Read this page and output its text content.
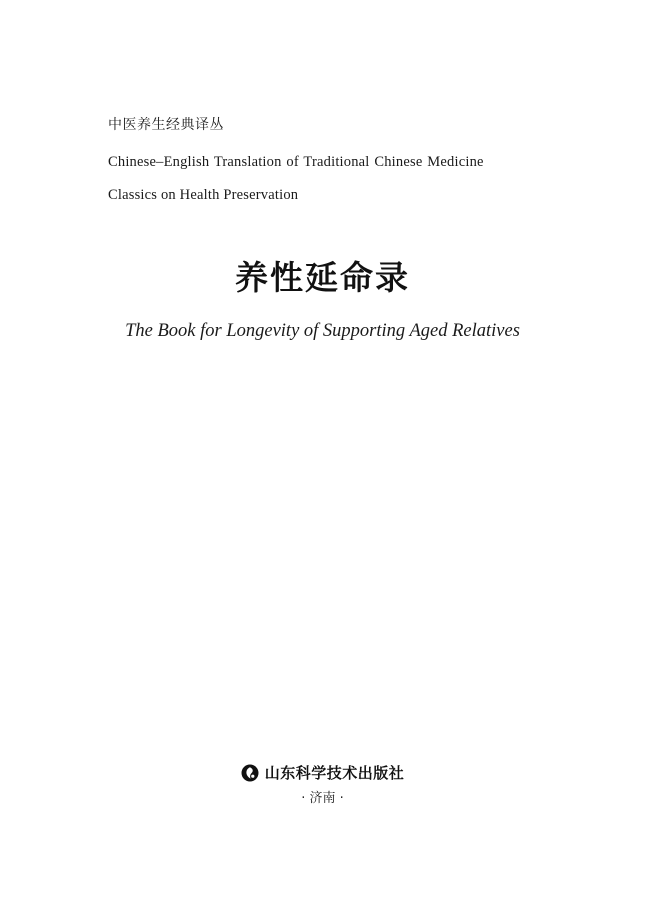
中医养生经典译丛
Chinese–English Translation of Traditional Chinese Medicine
Classics on Health Preservation
养性延命录
The Book for Longevity of Supporting Aged Relatives
山东科学技术出版社
· 济南 ·
